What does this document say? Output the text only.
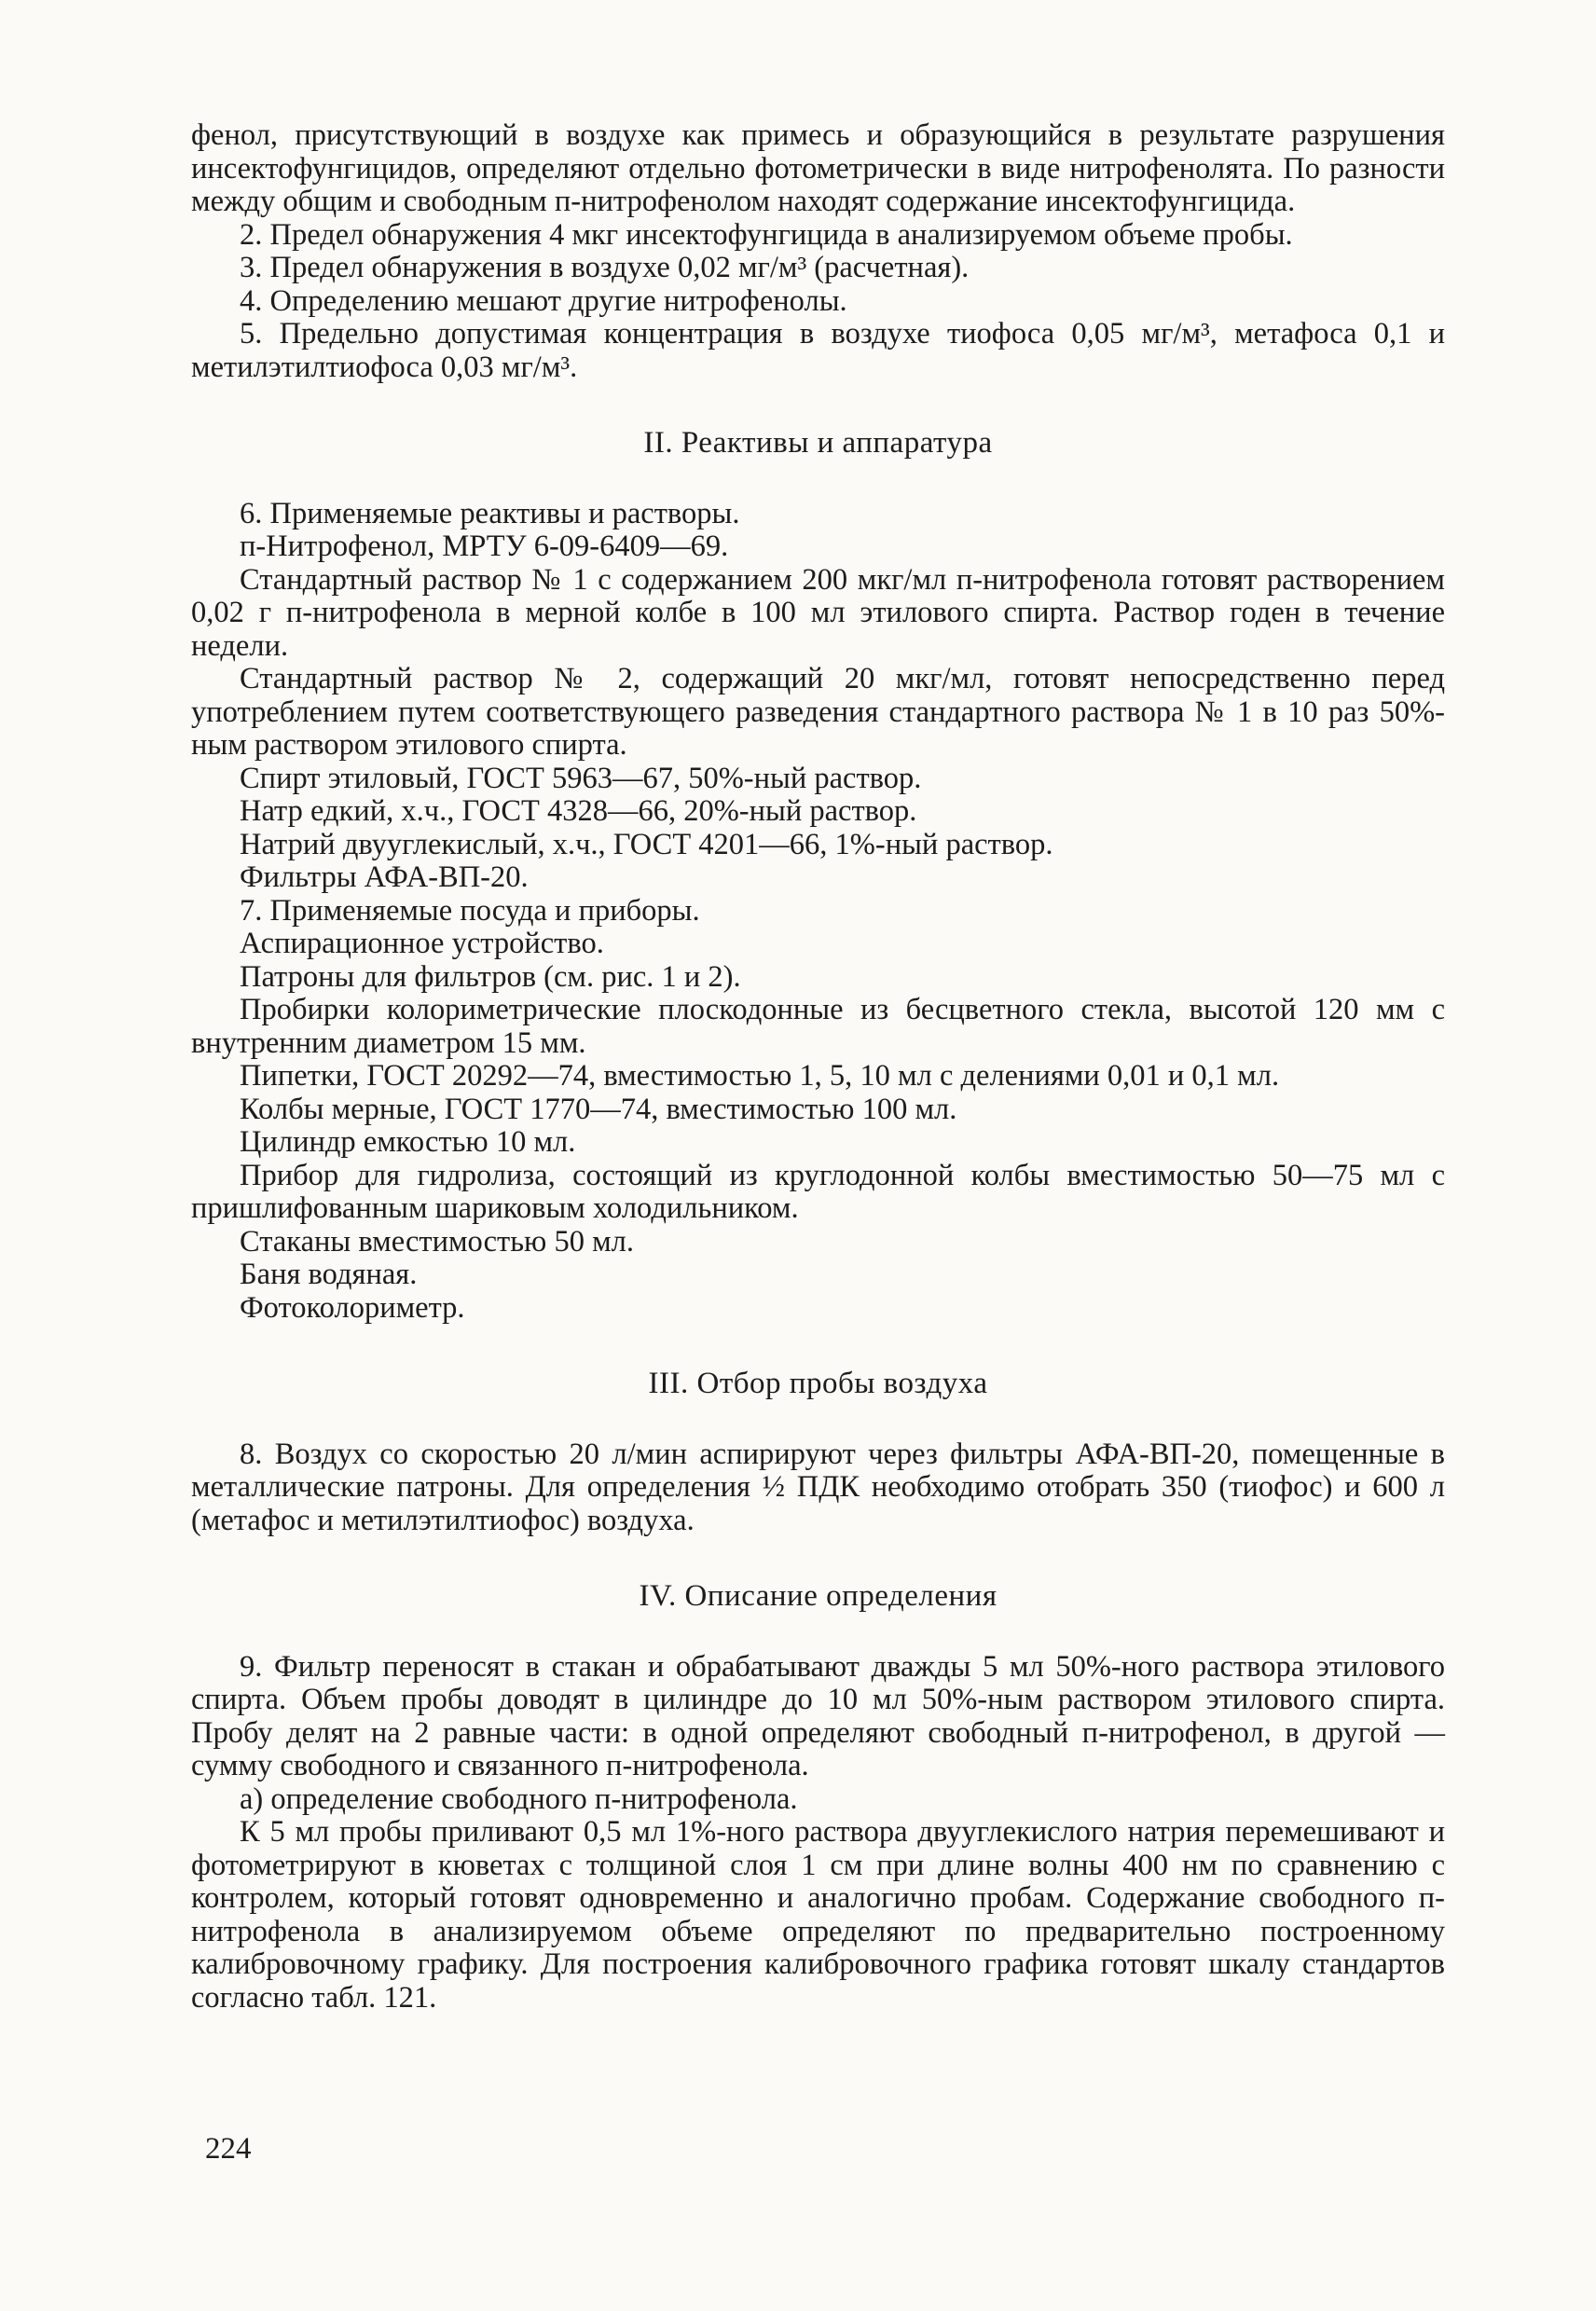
фенол, присутствующий в воздухе как примесь и образующийся в результате разрушения инсектофунгицидов, определяют отдельно фотометрически в виде нитрофенолята. По разности между общим и свободным п-нитрофенолом находят содержание инсектофунгицида.

2. Предел обнаружения 4 мкг инсектофунгицида в анализируемом объеме пробы.

3. Предел обнаружения в воздухе 0,02 мг/м³ (расчетная).

4. Определению мешают другие нитрофенолы.

5. Предельно допустимая концентрация в воздухе тиофоса 0,05 мг/м³, метафоса 0,1 и метилэтилтиофоса 0,03 мг/м³.

II. Реактивы и аппаратура

6. Применяемые реактивы и растворы.

п-Нитрофенол, МРТУ 6-09-6409—69.

Стандартный раствор № 1 с содержанием 200 мкг/мл п-нитрофенола готовят растворением 0,02 г п-нитрофенола в мерной колбе в 100 мл этилового спирта. Раствор годен в течение недели.

Стандартный раствор № 2, содержащий 20 мкг/мл, готовят непосредственно перед употреблением путем соответствующего разведения стандартного раствора № 1 в 10 раз 50%-ным раствором этилового спирта.

Спирт этиловый, ГОСТ 5963—67, 50%-ный раствор.

Натр едкий, х.ч., ГОСТ 4328—66, 20%-ный раствор.

Натрий двууглекислый, х.ч., ГОСТ 4201—66, 1%-ный раствор.

Фильтры АФА-ВП-20.

7. Применяемые посуда и приборы.

Аспирационное устройство.

Патроны для фильтров (см. рис. 1 и 2).

Пробирки колориметрические плоскодонные из бесцветного стекла, высотой 120 мм с внутренним диаметром 15 мм.

Пипетки, ГОСТ 20292—74, вместимостью 1, 5, 10 мл с делениями 0,01 и 0,1 мл.

Колбы мерные, ГОСТ 1770—74, вместимостью 100 мл.

Цилиндр емкостью 10 мл.

Прибор для гидролиза, состоящий из круглодонной колбы вместимостью 50—75 мл с пришлифованным шариковым холодильником.

Стаканы вместимостью 50 мл.

Баня водяная.

Фотоколориметр.

III. Отбор пробы воздуха

8. Воздух со скоростью 20 л/мин аспирируют через фильтры АФА-ВП-20, помещенные в металлические патроны. Для определения ½ ПДК необходимо отобрать 350 (тиофос) и 600 л (метафос и метилэтилтиофос) воздуха.

IV. Описание определения

9. Фильтр переносят в стакан и обрабатывают дважды 5 мл 50%-ного раствора этилового спирта. Объем пробы доводят в цилиндре до 10 мл 50%-ным раствором этилового спирта. Пробу делят на 2 равные части: в одной определяют свободный п-нитрофенол, в другой — сумму свободного и связанного п-нитрофенола.

а) определение свободного п-нитрофенола.

К 5 мл пробы приливают 0,5 мл 1%-ного раствора двууглекислого натрия перемешивают и фотометрируют в кюветах с толщиной слоя 1 см при длине волны 400 нм по сравнению с контролем, который готовят одновременно и аналогично пробам. Содержание свободного п-нитрофенола в анализируемом объеме определяют по предварительно построенному калибровочному графику. Для построения калибровочного графика готовят шкалу стандартов согласно табл. 121.

224
